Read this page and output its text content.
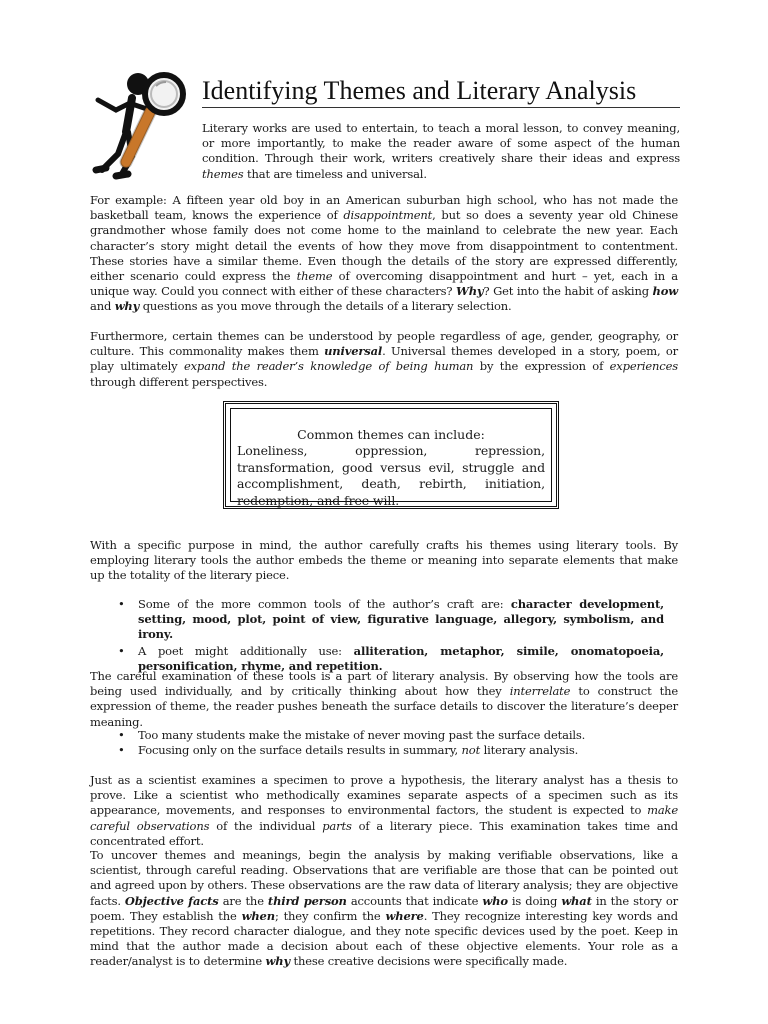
Identifying Themes and Literary Analysis

Literary works are used to entertain, to teach a moral lesson, to convey meaning, or more importantly, to make the reader aware of some aspect of the human condition. Through their work, writers creatively share their ideas and express themes that are timeless and universal.

For example: A fifteen year old boy in an American suburban high school, who has not made the basketball team, knows the experience of disappointment, but so does a seventy year old Chinese grandmother whose family does not come home to the mainland to celebrate the new year. Each character’s story might detail the events of how they move from disappointment to contentment. These stories have a similar theme. Even though the details of the story are expressed differently, either scenario could express the theme of overcoming disappointment and hurt – yet, each in a unique way. Could you connect with either of these characters? Why? Get into the habit of asking how and why questions as you move through the details of a literary selection.

Furthermore, certain themes can be understood by people regardless of age, gender, geography, or culture. This commonality makes them universal. Universal themes developed in a story, poem, or play ultimately expand the reader’s knowledge of being human by the expression of experiences through different perspectives.

Common themes can include:

Loneliness, oppression, repression, transformation, good versus evil, struggle and accomplishment, death, rebirth, initiation, redemption, and free will.

With a specific purpose in mind, the author carefully crafts his themes using literary tools. By employing literary tools the author embeds the theme or meaning into separate elements that make up the totality of the literary piece.

• Some of the more common tools of the author’s craft are: character development, setting, mood, plot, point of view, figurative language, allegory, symbolism, and irony.
• A poet might additionally use: alliteration, metaphor, simile, onomatopoeia, personification, rhyme, and repetition.

The careful examination of these tools is a part of literary analysis. By observing how the tools are being used individually, and by critically thinking about how they interrelate to construct the expression of theme, the reader pushes beneath the surface details to discover the literature’s deeper meaning.

• Too many students make the mistake of never moving past the surface details.
• Focusing only on the surface details results in summary, not literary analysis.

Just as a scientist examines a specimen to prove a hypothesis, the literary analyst has a thesis to prove. Like a scientist who methodically examines separate aspects of a specimen such as its appearance, movements, and responses to environmental factors, the student is expected to make careful observations of the individual parts of a literary piece. This examination takes time and concentrated effort.

To uncover themes and meanings, begin the analysis by making verifiable observations, like a scientist, through careful reading. Observations that are verifiable are those that can be pointed out and agreed upon by others. These observations are the raw data of literary analysis; they are objective facts. Objective facts are the third person accounts that indicate who is doing what in the story or poem. They establish the when; they confirm the where. They recognize interesting key words and repetitions. They record character dialogue, and they note specific devices used by the poet. Keep in mind that the author made a decision about each of these objective elements. Your role as a reader/analyst is to determine why these creative decisions were specifically made.
